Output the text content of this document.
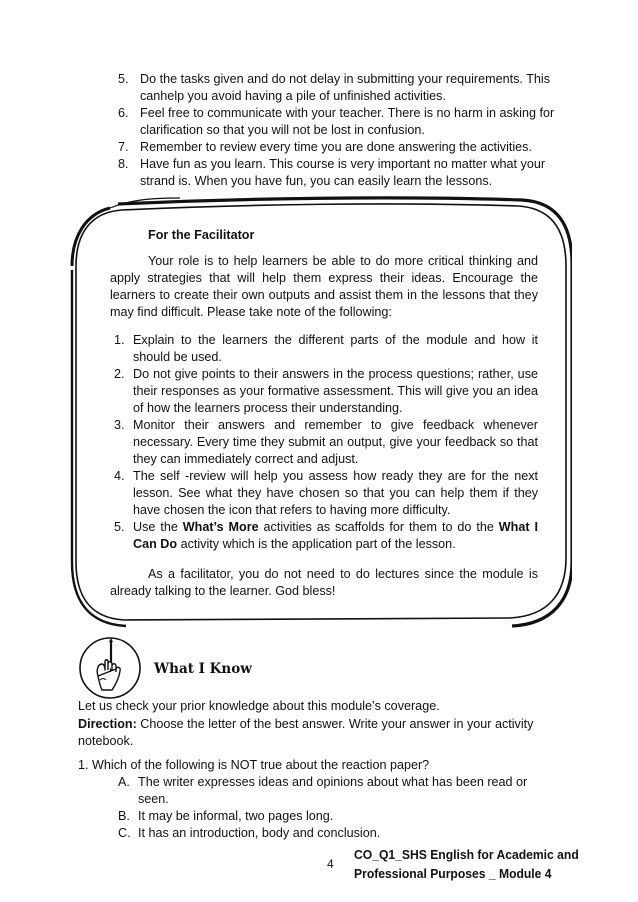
5. Do the tasks given and do not delay in submitting your requirements. This canhelp you avoid having a pile of unfinished activities.
6. Feel free to communicate with your teacher. There is no harm in asking for clarification so that you will not be lost in confusion.
7. Remember to review every time you are done answering the activities.
8. Have fun as you learn. This course is very important no matter what your strand is. When you have fun, you can easily learn the lessons.
For the Facilitator

Your role is to help learners be able to do more critical thinking and apply strategies that will help them express their ideas. Encourage the learners to create their own outputs and assist them in the lessons that they may find difficult. Please take note of the following:

1. Explain to the learners the different parts of the module and how it should be used.
2. Do not give points to their answers in the process questions; rather, use their responses as your formative assessment. This will give you an idea of how the learners process their understanding.
3. Monitor their answers and remember to give feedback whenever necessary. Every time they submit an output, give your feedback so that they can immediately correct and adjust.
4. The self -review will help you assess how ready they are for the next lesson. See what they have chosen so that you can help them if they have chosen the icon that refers to having more difficulty.
5. Use the What’s More activities as scaffolds for them to do the What I Can Do activity which is the application part of the lesson.

As a facilitator, you do not need to do lectures since the module is already talking to the learner. God bless!

What I Know

Let us check your prior knowledge about this module’s coverage.

Direction: Choose the letter of the best answer. Write your answer in your activity notebook.

1. Which of the following is NOT true about the reaction paper?

A. The writer expresses ideas and opinions about what has been read or seen.
B. It may be informal, two pages long.
C. It has an introduction, body and conclusion.
4
CO_Q1_SHS English for Academic and
Professional Purposes _ Module 4
